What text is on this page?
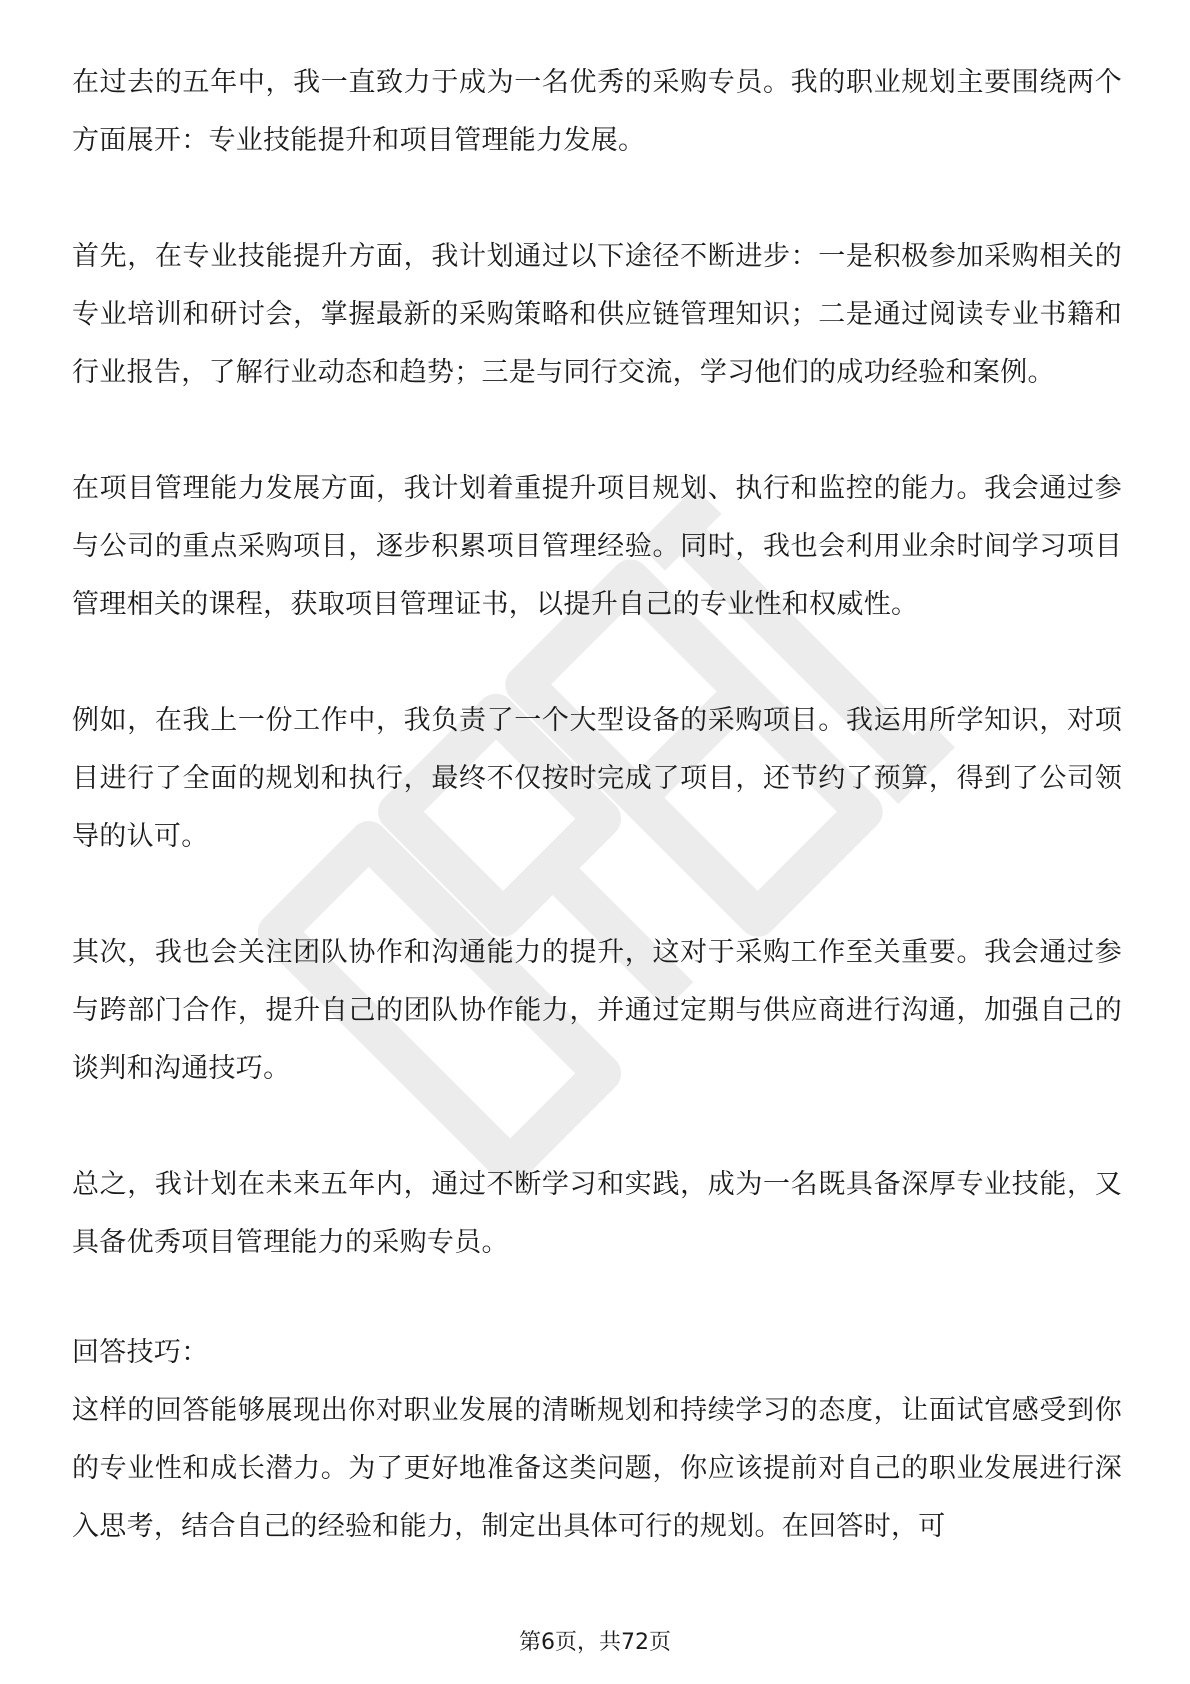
在过去的五年中，我一直致力于成为一名优秀的采购专员。我的职业规划主要围绕两个方面展开：专业技能提升和项目管理能力发展。

首先，在专业技能提升方面，我计划通过以下途径不断进步：一是积极参加采购相关的专业培训和研讨会，掌握最新的采购策略和供应链管理知识；二是通过阅读专业书籍和行业报告，了解行业动态和趋势；三是与同行交流，学习他们的成功经验和案例。

在项目管理能力发展方面，我计划着重提升项目规划、执行和监控的能力。我会通过参与公司的重点采购项目，逐步积累项目管理经验。同时，我也会利用业余时间学习项目管理相关的课程，获取项目管理证书，以提升自己的专业性和权威性。

例如，在我上一份工作中，我负责了一个大型设备的采购项目。我运用所学知识，对项目进行了全面的规划和执行，最终不仅按时完成了项目，还节约了预算，得到了公司领导的认可。

其次，我也会关注团队协作和沟通能力的提升，这对于采购工作至关重要。我会通过参与跨部门合作，提升自己的团队协作能力，并通过定期与供应商进行沟通，加强自己的谈判和沟通技巧。

总之，我计划在未来五年内，通过不断学习和实践，成为一名既具备深厚专业技能，又具备优秀项目管理能力的采购专员。

回答技巧：

这样的回答能够展现出你对职业发展的清晰规划和持续学习的态度，让面试官感受到你的专业性和成长潜力。为了更好地准备这类问题，你应该提前对自己的职业发展进行深入思考，结合自己的经验和能力，制定出具体可行的规划。在回答时，可

第6页，共72页
